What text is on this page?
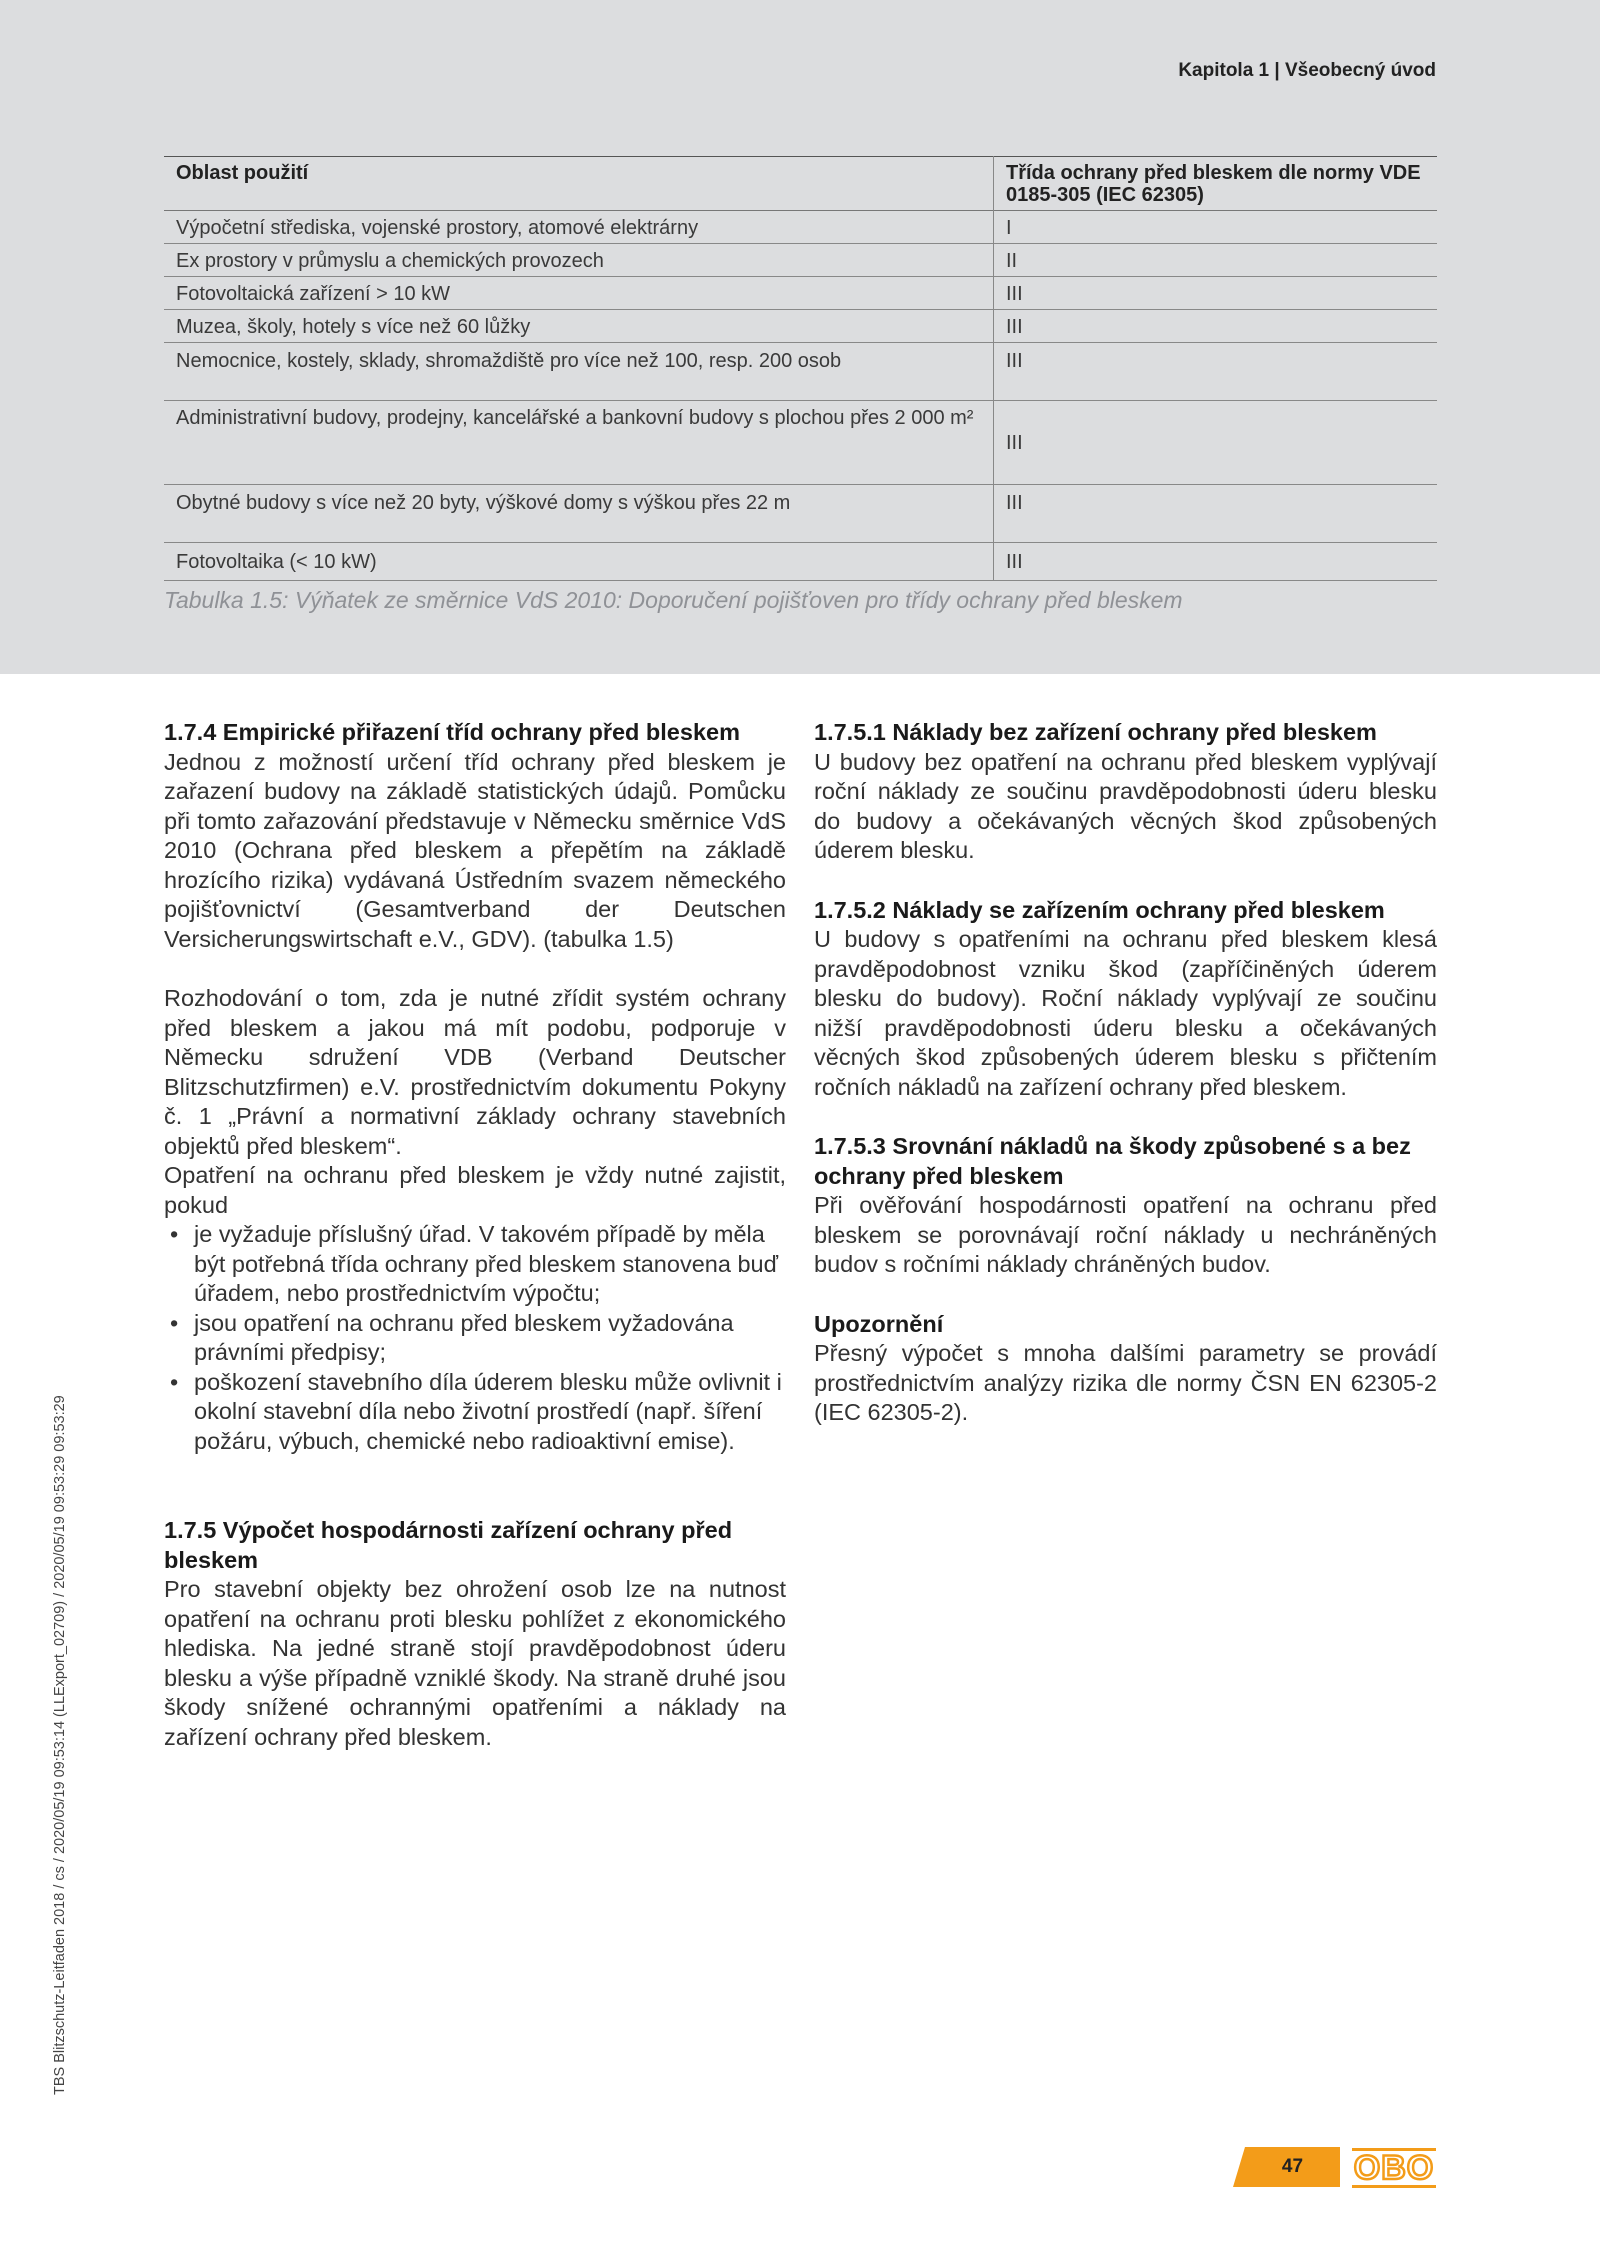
Kapitola 1 | Všeobecný úvod
Oblast použití	Třída ochrany před bleskem dle normy VDE 0185-305 (IEC 62305)
Výpočetní střediska, vojenské prostory, atomové elektrárny	I
Ex prostory v průmyslu a chemických provozech	II
Fotovoltaická zařízení > 10 kW	III
Muzea, školy, hotely s více než 60 lůžky	III
Nemocnice, kostely, sklady, shromaždiště pro více než 100, resp. 200 osob	III
Administrativní budovy, prodejny, kancelářské a bankovní budovy s plochou přes 2 000 m²	III
Obytné budovy s více než 20 byty, výškové domy s výškou přes 22 m	III
Fotovoltaika (< 10 kW)	III
Tabulka 1.5: Výňatek ze směrnice VdS 2010: Doporučení pojišťoven pro třídy ochrany před bleskem
1.7.4 Empirické přiřazení tříd ochrany před bleskem

Jednou z možností určení tříd ochrany před bleskem je zařazení budovy na základě statistických údajů. Pomůcku při tomto zařazování představuje v Německu směrnice VdS 2010 (Ochrana před bleskem a přepětím na základě hrozícího rizika) vydávaná Ústředním svazem německého pojišťovnictví (Gesamtverband der Deutschen Versicherungswirtschaft e.V., GDV). (tabulka 1.5)

Rozhodování o tom, zda je nutné zřídit systém ochrany před bleskem a jakou má mít podobu, podporuje v Německu sdružení VDB (Verband Deutscher Blitzschutzfirmen) e.V. prostřednictvím dokumentu Pokyny č. 1 „Právní a normativní základy ochrany stavebních objektů před bleskem“.

Opatření na ochranu před bleskem je vždy nutné zajistit, pokud

• je vyžaduje příslušný úřad. V takovém případě by měla být potřebná třída ochrany před bleskem stanovena buď úřadem, nebo prostřednictvím výpočtu;
• jsou opatření na ochranu před bleskem vyžadována právními předpisy;
• poškození stavebního díla úderem blesku může ovlivnit i okolní stavební díla nebo životní prostředí (např. šíření požáru, výbuch, chemické nebo radioaktivní emise).
1.7.5 Výpočet hospodárnosti zařízení ochrany před bleskem

Pro stavební objekty bez ohrožení osob lze na nutnost opatření na ochranu proti blesku pohlížet z ekonomického hlediska. Na jedné straně stojí pravděpodobnost úderu blesku a výše případně vzniklé škody. Na straně druhé jsou škody snížené ochrannými opatřeními a náklady na zařízení ochrany před bleskem.

1.7.5.1 Náklady bez zařízení ochrany před bleskem

U budovy bez opatření na ochranu před bleskem vyplývají roční náklady ze součinu pravděpodobnosti úderu blesku do budovy a očekávaných věcných škod způsobených úderem blesku.

1.7.5.2 Náklady se zařízením ochrany před bleskem

U budovy s opatřeními na ochranu před bleskem klesá pravděpodobnost vzniku škod (zapříčiněných úderem blesku do budovy). Roční náklady vyplývají ze součinu nižší pravděpodobnosti úderu blesku a očekávaných věcných škod způsobených úderem blesku s přičtením ročních nákladů na zařízení ochrany před bleskem.

1.7.5.3 Srovnání nákladů na škody způsobené s a bez ochrany před bleskem

Při ověřování hospodárnosti opatření na ochranu před bleskem se porovnávají roční náklady u nechráněných budov s ročními náklady chráněných budov.

Upozornění

Přesný výpočet s mnoha dalšími parametry se provádí prostřednictvím analýzy rizika dle normy ČSN EN 62305-2 (IEC 62305-2).

TBS Blitzschutz-Leitfaden 2018 / cs / 2020/05/19 09:53:14 (LLExport_02709) / 2020/05/19 09:53:29 09:53:29
47	OBO
